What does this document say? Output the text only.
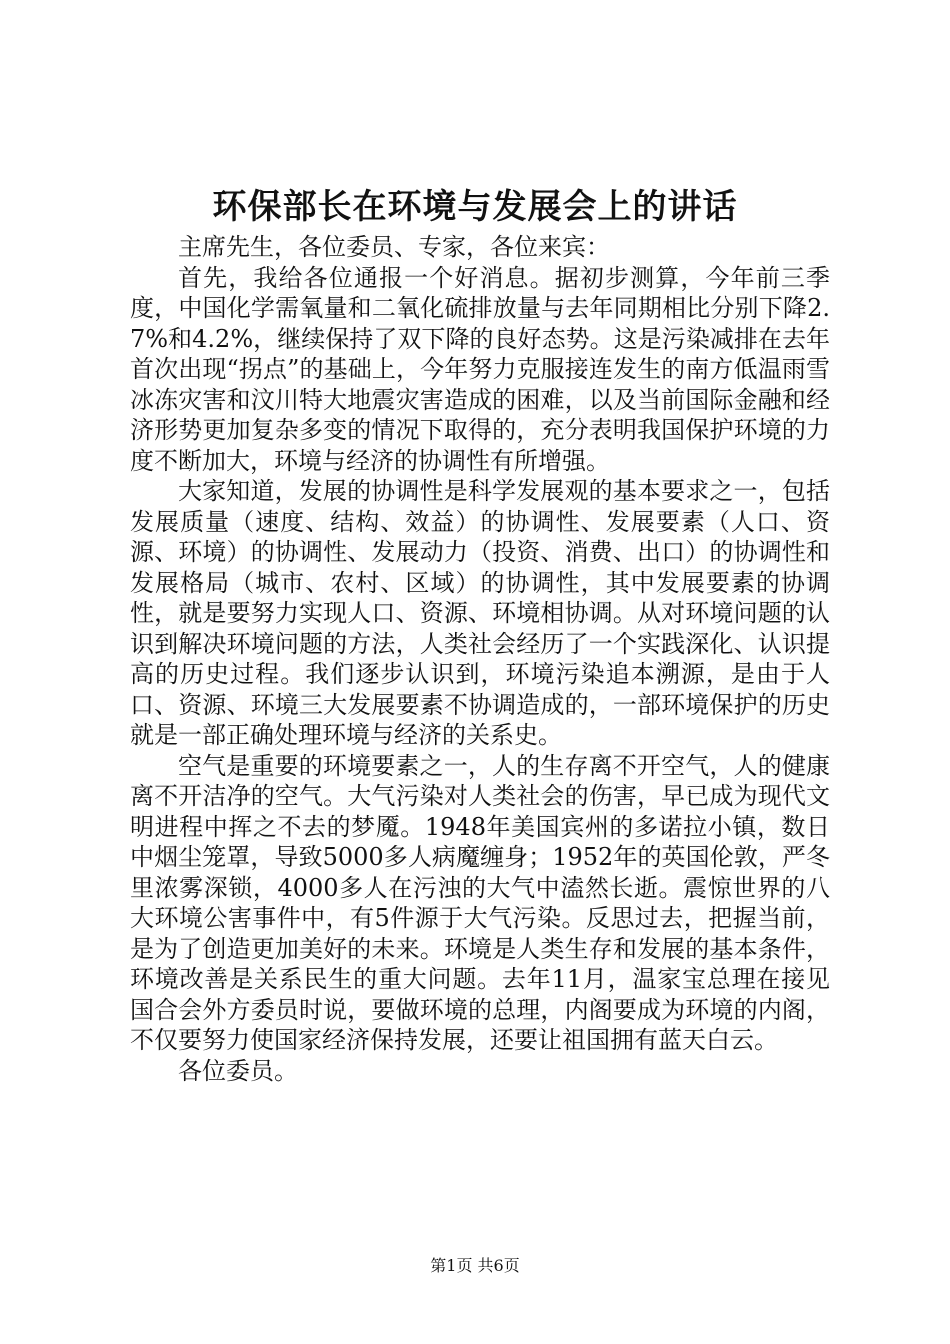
环保部长在环境与发展会上的讲话

主席先生，各位委员、专家，各位来宾：

首先，我给各位通报一个好消息。据初步测算，今年前三季度，中国化学需氧量和二氧化硫排放量与去年同期相比分别下降2.7%和4.2%，继续保持了双下降的良好态势。这是污染减排在去年首次出现“拐点”的基础上，今年努力克服接连发生的南方低温雨雪冰冻灾害和汶川特大地震灾害造成的困难，以及当前国际金融和经济形势更加复杂多变的情况下取得的，充分表明我国保护环境的力度不断加大，环境与经济的协调性有所增强。

大家知道，发展的协调性是科学发展观的基本要求之一，包括发展质量（速度、结构、效益）的协调性、发展要素（人口、资源、环境）的协调性、发展动力（投资、消费、出口）的协调性和发展格局（城市、农村、区域）的协调性，其中发展要素的协调性，就是要努力实现人口、资源、环境相协调。从对环境问题的认识到解决环境问题的方法，人类社会经历了一个实践深化、认识提高的历史过程。我们逐步认识到，环境污染追本溯源，是由于人口、资源、环境三大发展要素不协调造成的，一部环境保护的历史就是一部正确处理环境与经济的关系史。

空气是重要的环境要素之一，人的生存离不开空气，人的健康离不开洁净的空气。大气污染对人类社会的伤害，早已成为现代文明进程中挥之不去的梦魇。1948年美国宾州的多诺拉小镇，数日中烟尘笼罩，导致5000多人病魔缠身；1952年的英国伦敦，严冬里浓雾深锁，4000多人在污浊的大气中溘然长逝。震惊世界的八大环境公害事件中，有5件源于大气污染。反思过去，把握当前，是为了创造更加美好的未来。环境是人类生存和发展的基本条件，环境改善是关系民生的重大问题。去年11月，温家宝总理在接见国合会外方委员时说，要做环境的总理，内阁要成为环境的内阁，不仅要努力使国家经济保持发展，还要让祖国拥有蓝天白云。

各位委员。

第1页 共6页
